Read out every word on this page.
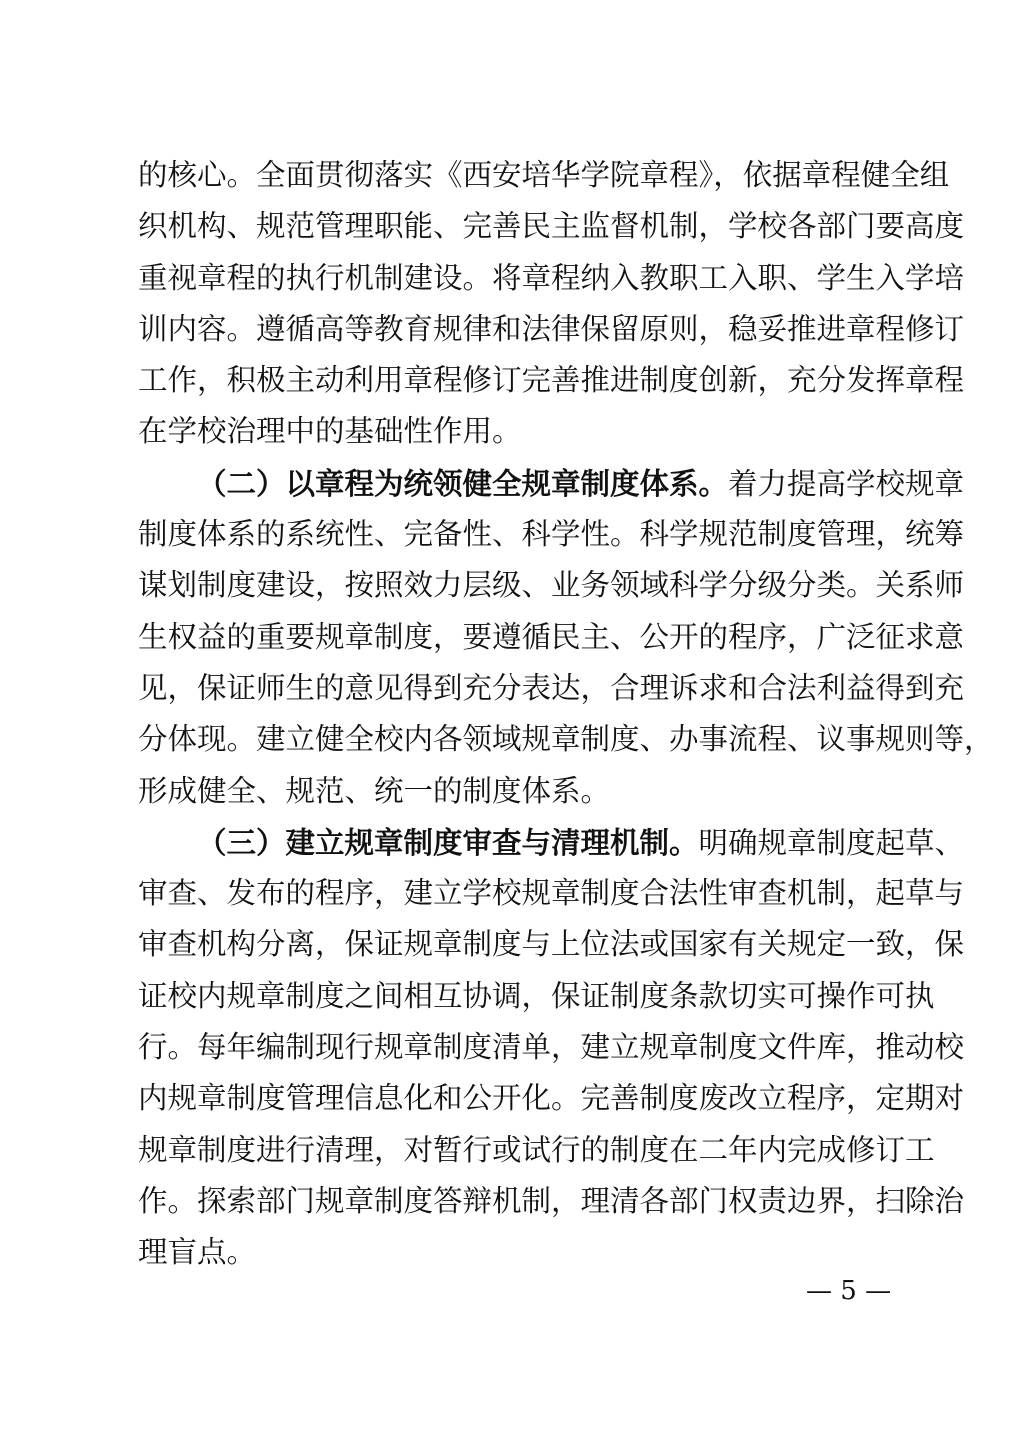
的核心。全面贯彻落实《西安培华学院章程》，依据章程健全组
织机构、规范管理职能、完善民主监督机制，学校各部门要高度
重视章程的执行机制建设。将章程纳入教职工入职、学生入学培
训内容。遵循高等教育规律和法律保留原则，稳妥推进章程修订
工作，积极主动利用章程修订完善推进制度创新，充分发挥章程
在学校治理中的基础性作用。
（二）以章程为统领健全规章制度体系。着力提高学校规章
制度体系的系统性、完备性、科学性。科学规范制度管理，统筹
谋划制度建设，按照效力层级、业务领域科学分级分类。关系师
生权益的重要规章制度，要遵循民主、公开的程序，广泛征求意
见，保证师生的意见得到充分表达，合理诉求和合法利益得到充
分体现。建立健全校内各领域规章制度、办事流程、议事规则等，
形成健全、规范、统一的制度体系。
（三）建立规章制度审查与清理机制。明确规章制度起草、
审查、发布的程序，建立学校规章制度合法性审查机制，起草与
审查机构分离，保证规章制度与上位法或国家有关规定一致，保
证校内规章制度之间相互协调，保证制度条款切实可操作可执
行。每年编制现行规章制度清单，建立规章制度文件库，推动校
内规章制度管理信息化和公开化。完善制度废改立程序，定期对
规章制度进行清理，对暂行或试行的制度在二年内完成修订工
作。探索部门规章制度答辩机制，理清各部门权责边界，扫除治
理盲点。
— 5 —
